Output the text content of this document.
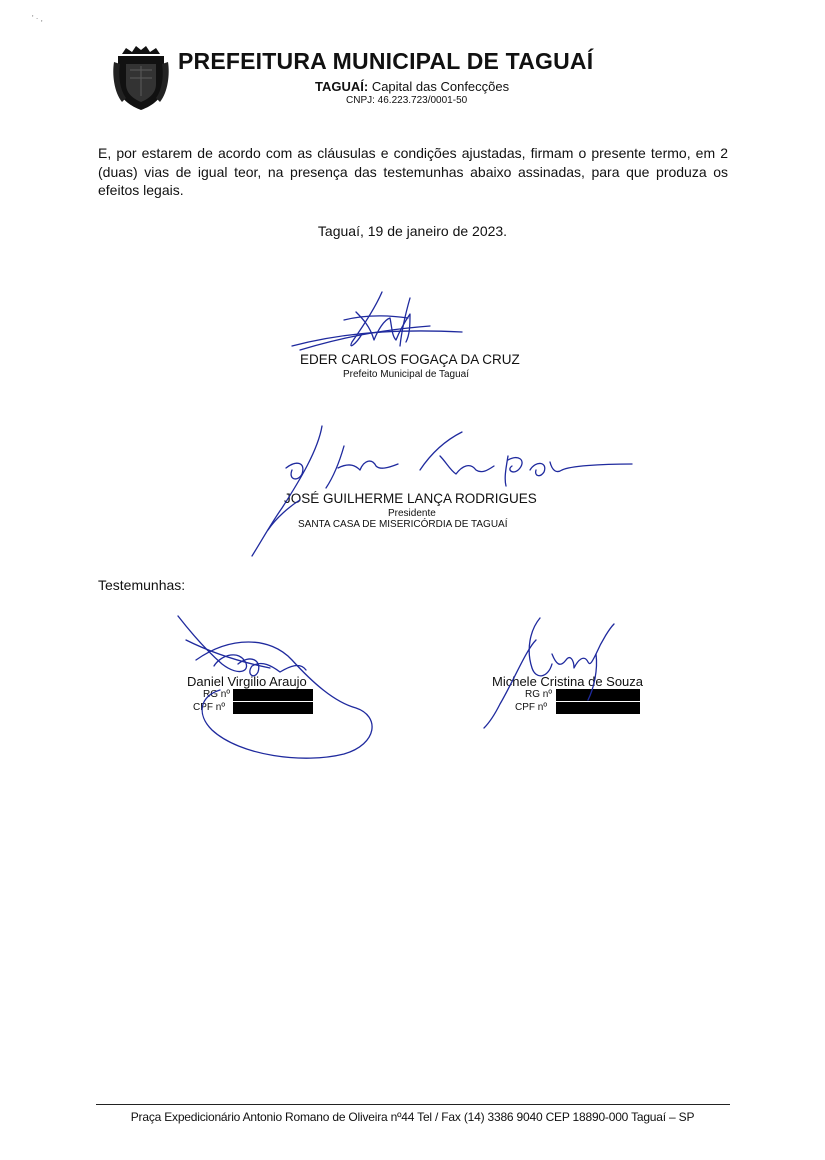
' · ,
PREFEITURA MUNICIPAL DE TAGUAÍ
TAGUAÍ: Capital das Confecções
CNPJ: 46.223.723/0001-50
E, por estarem de acordo com as cláusulas e condições ajustadas, firmam o presente termo, em 2 (duas) vias de igual teor, na presença das testemunhas abaixo assinadas, para que produza os efeitos legais.
Taguaí, 19 de janeiro de 2023.
EDER CARLOS FOGAÇA DA CRUZ
Prefeito Municipal de Taguaí
JOSÉ GUILHERME LANÇA RODRIGUES
Presidente
SANTA CASA DE MISERICÓRDIA DE TAGUAÍ
Testemunhas:
Daniel Virgilio Araujo
RG nº
CPF nº
Michele Cristina de Souza
RG nº
CPF nº
Praça Expedicionário Antonio Romano de Oliveira nº44 Tel / Fax (14) 3386 9040 CEP 18890-000 Taguaí – SP
